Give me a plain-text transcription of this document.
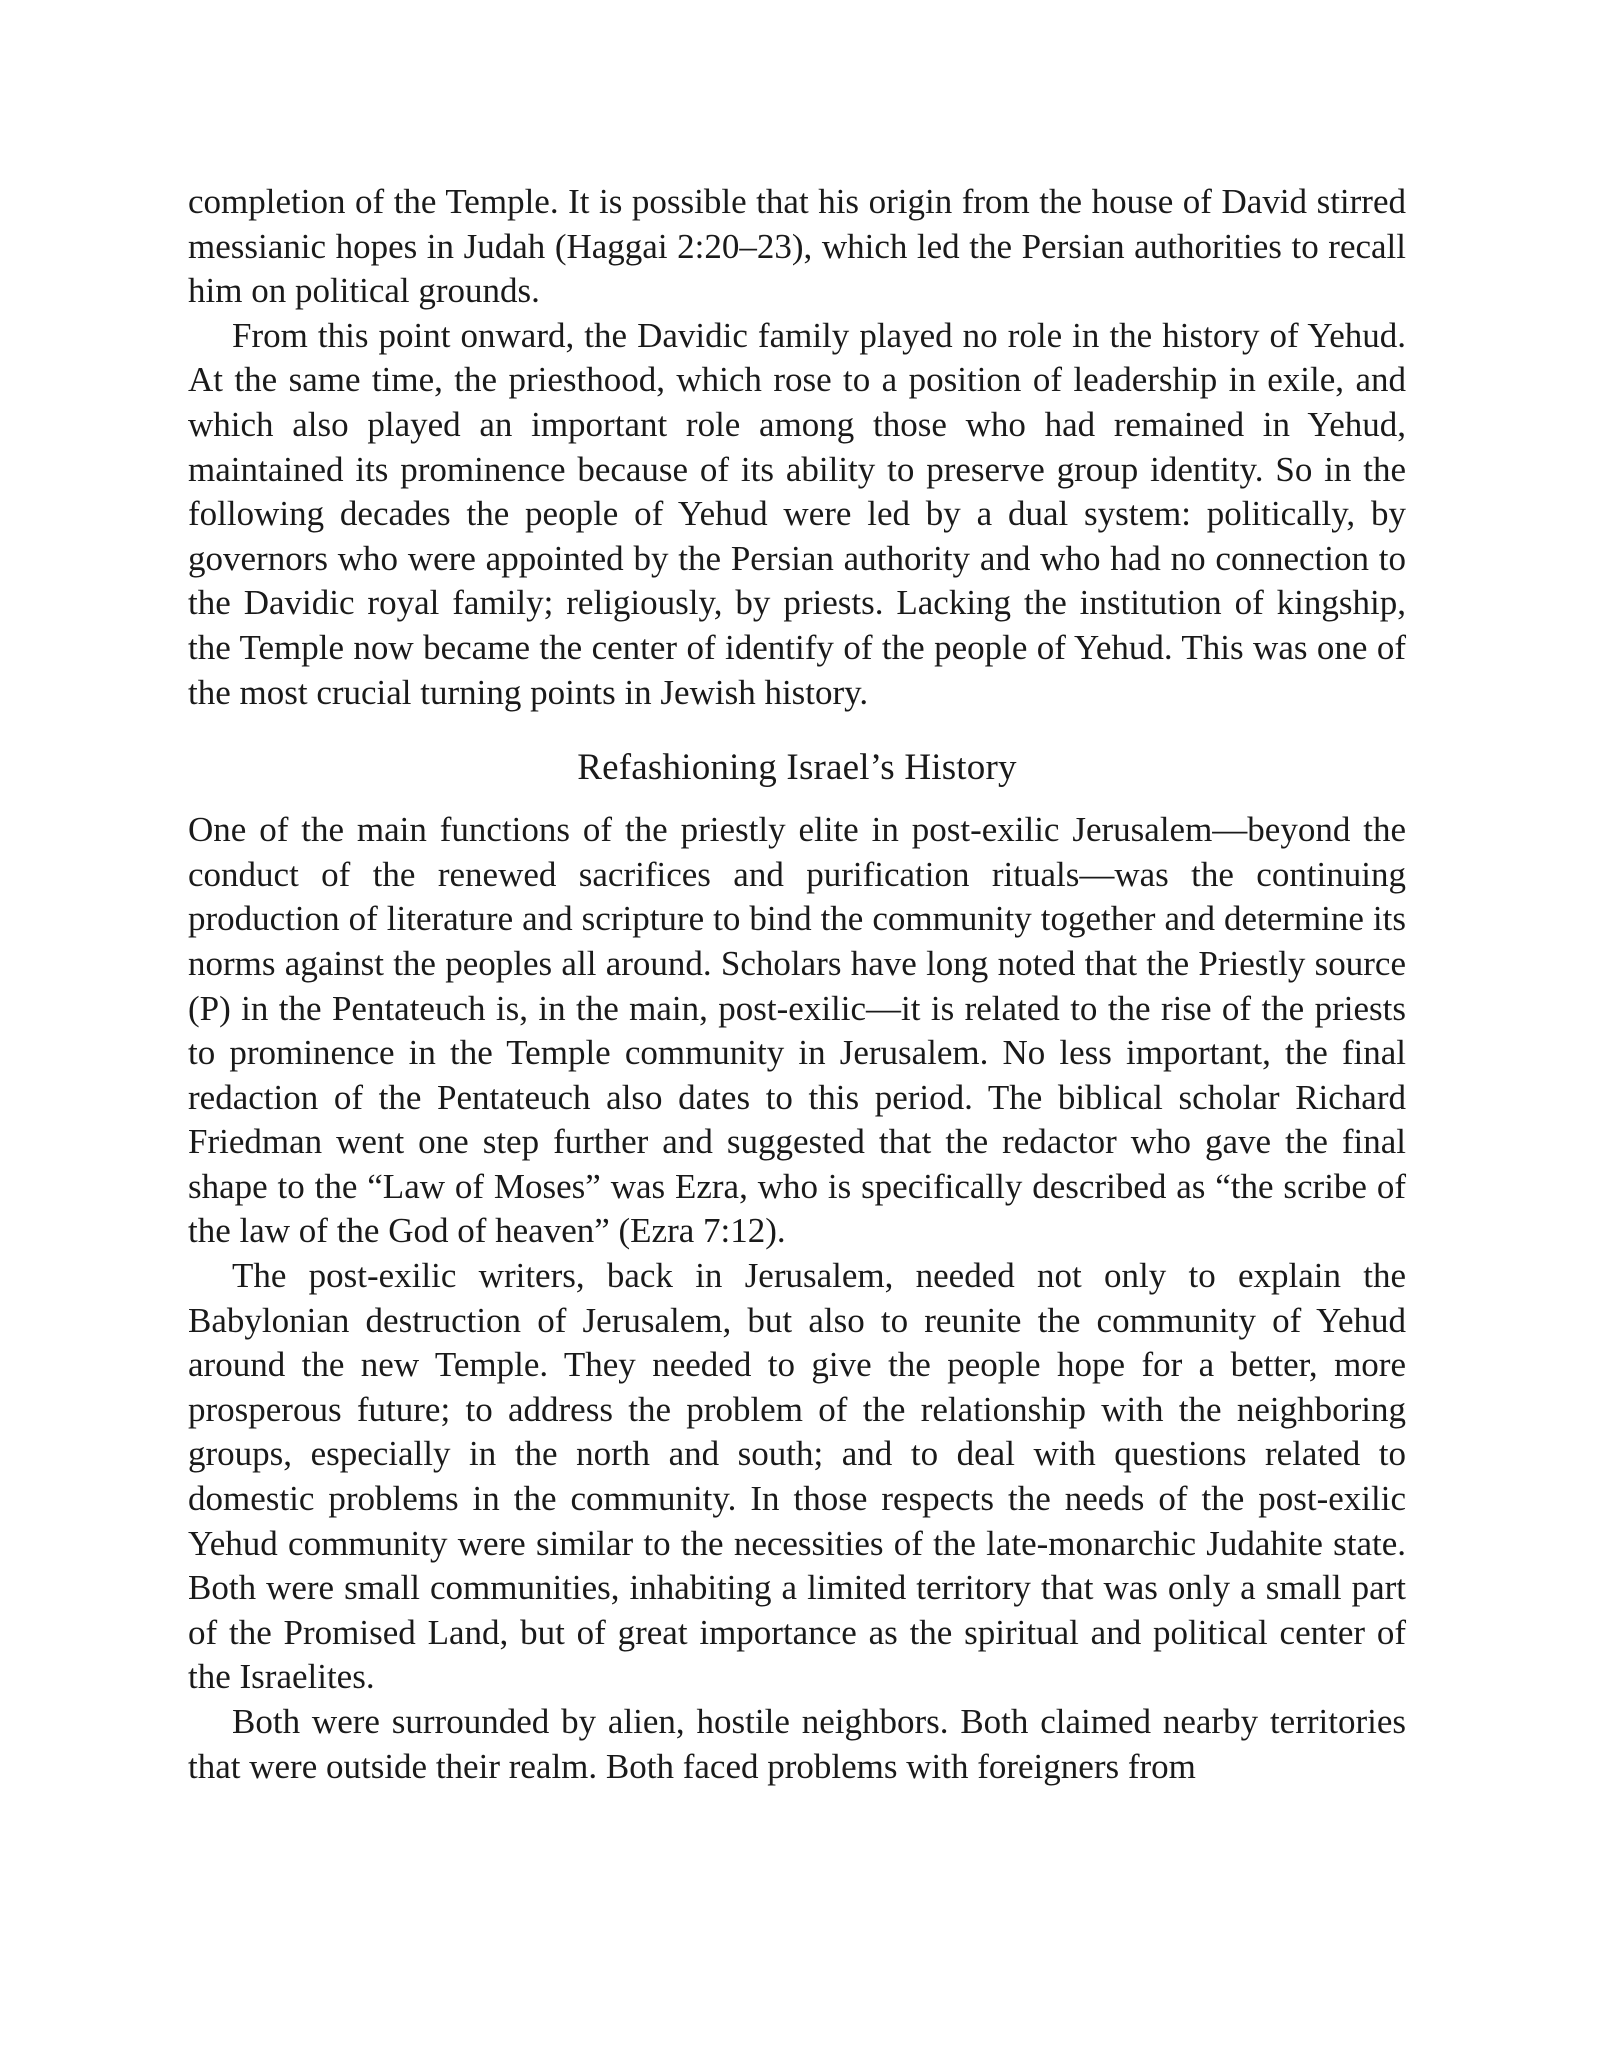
completion of the Temple. It is possible that his origin from the house of David stirred messianic hopes in Judah (Haggai 2:20–23), which led the Persian authorities to recall him on political grounds.

From this point onward, the Davidic family played no role in the history of Yehud. At the same time, the priesthood, which rose to a position of leadership in exile, and which also played an important role among those who had remained in Yehud, maintained its prominence because of its ability to preserve group identity. So in the following decades the people of Yehud were led by a dual system: politically, by governors who were appointed by the Persian authority and who had no connection to the Davidic royal family; religiously, by priests. Lacking the institution of kingship, the Temple now became the center of identify of the people of Yehud. This was one of the most crucial turning points in Jewish history.

Refashioning Israel’s History

One of the main functions of the priestly elite in post-exilic Jerusalem—beyond the conduct of the renewed sacrifices and purification rituals—was the continuing production of literature and scripture to bind the community together and determine its norms against the peoples all around. Scholars have long noted that the Priestly source (P) in the Pentateuch is, in the main, post-exilic—it is related to the rise of the priests to prominence in the Temple community in Jerusalem. No less important, the final redaction of the Pentateuch also dates to this period. The biblical scholar Richard Friedman went one step further and suggested that the redactor who gave the final shape to the “Law of Moses” was Ezra, who is specifically described as “the scribe of the law of the God of heaven” (Ezra 7:12).

The post-exilic writers, back in Jerusalem, needed not only to explain the Babylonian destruction of Jerusalem, but also to reunite the community of Yehud around the new Temple. They needed to give the people hope for a better, more prosperous future; to address the problem of the relationship with the neighboring groups, especially in the north and south; and to deal with questions related to domestic problems in the community. In those respects the needs of the post-exilic Yehud community were similar to the necessities of the late-monarchic Judahite state. Both were small communities, inhabiting a limited territory that was only a small part of the Promised Land, but of great importance as the spiritual and political center of the Israelites.

Both were surrounded by alien, hostile neighbors. Both claimed nearby territories that were outside their realm. Both faced problems with foreigners from
